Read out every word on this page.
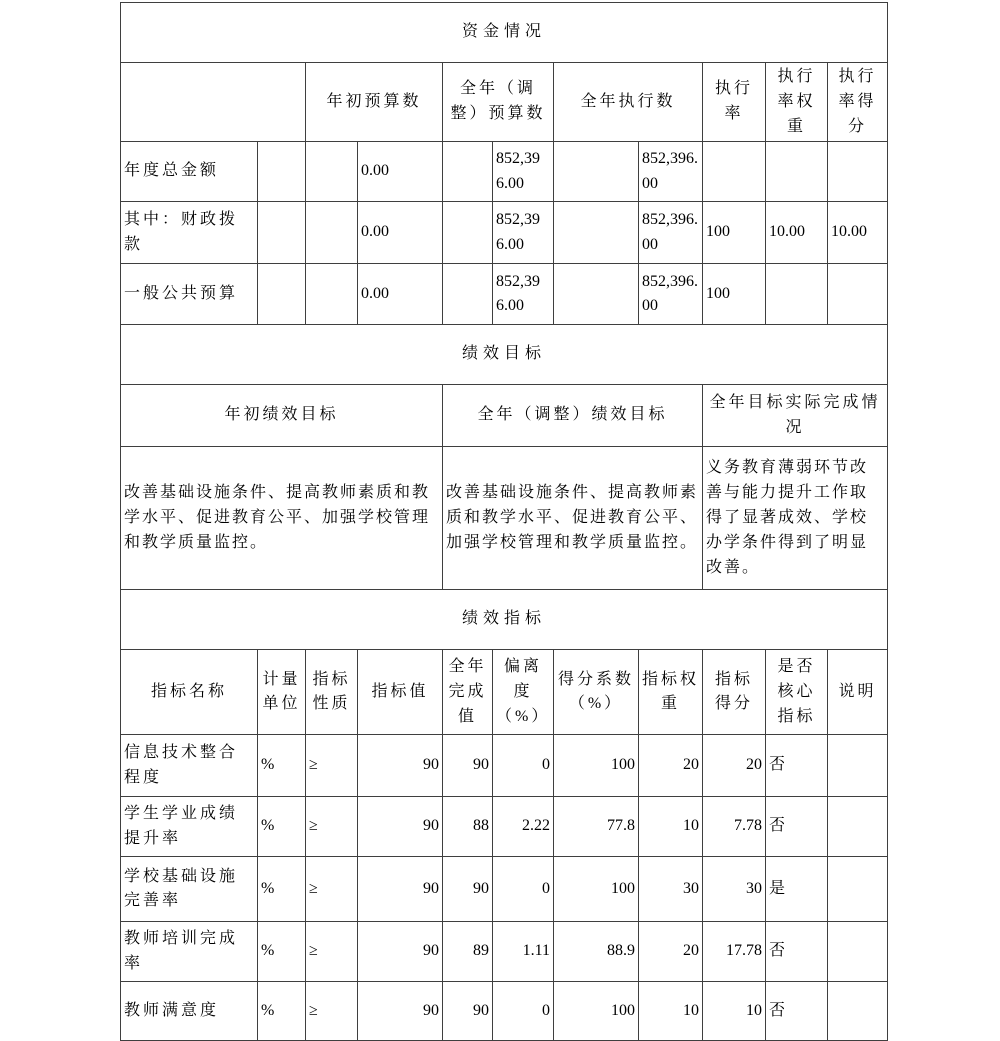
资金情况										
		年初预算数		全年（调整）预算数		全年执行数		执行率	执行率权重	执行率得分
年度总金额			0.00		852,396.00		852,396.00			
其中：财政拨款			0.00		852,396.00		852,396.00	100	10.00	10.00
一般公共预算			0.00		852,396.00		852,396.00	100		
绩效目标										
年初绩效目标				全年（调整）绩效目标				全年目标实际完成情况		
改善基础设施条件、提高教师素质和教学水平、促进教育公平、加强学校管理和教学质量监控。				改善基础设施条件、提高教师素质和教学水平、促进教育公平、加强学校管理和教学质量监控。				义务教育薄弱环节改善与能力提升工作取得了显著成效、学校办学条件得到了明显改善。		
绩效指标										
指标名称	计量单位	指标性质	指标值	全年完成值	偏离度（%）	得分系数（%）	指标权重	指标得分	是否核心指标	说明
信息技术整合程度	%	≥	90	90	0	100	20	20	否	
学生学业成绩提升率	%	≥	90	88	2.22	77.8	10	7.78	否	
学校基础设施完善率	%	≥	90	90	0	100	30	30	是	
教师培训完成率	%	≥	90	89	1.11	88.9	20	17.78	否	
教师满意度	%	≥	90	90	0	100	10	10	否	
